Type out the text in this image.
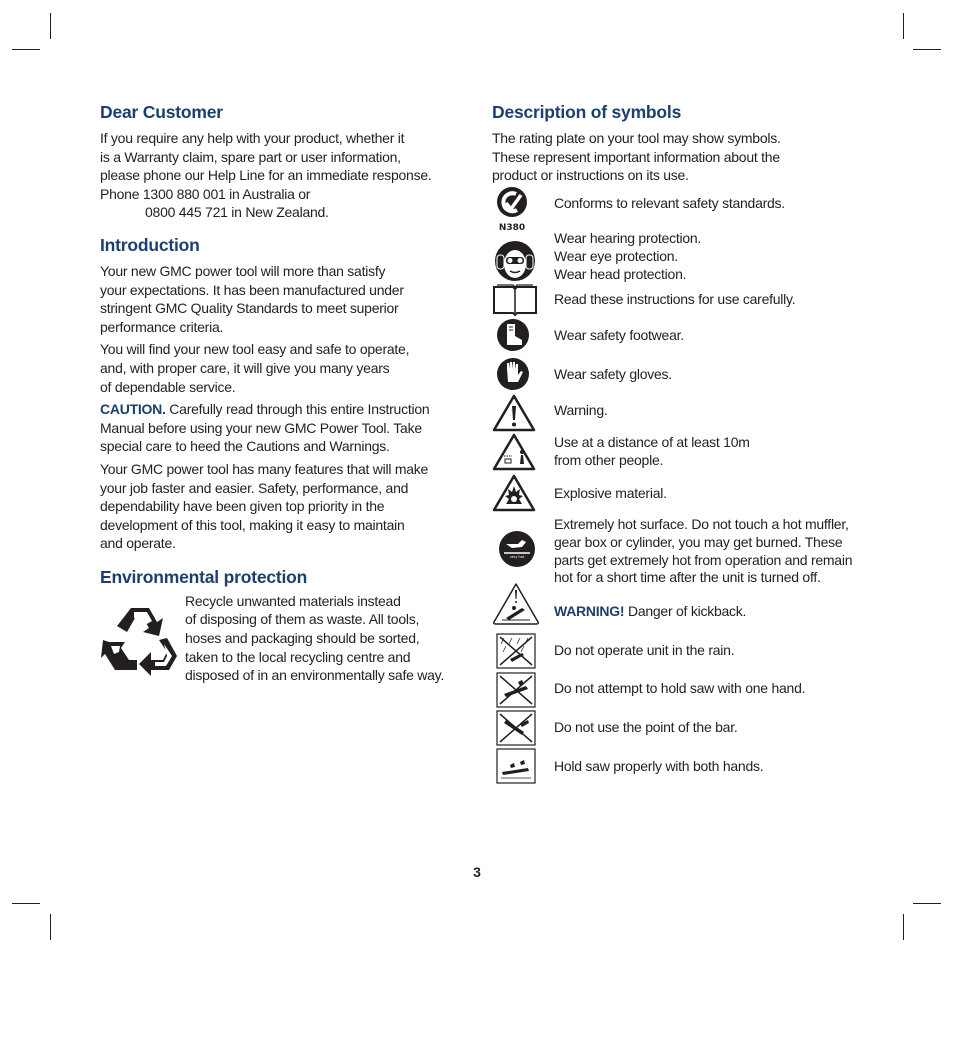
Dear Customer
If you require any help with your product, whether it
is a Warranty claim, spare part or user information,
please phone our Help Line for an immediate response.
Phone 1300 880 001 in Australia or
0800 445 721 in New Zealand.
Introduction
Your new GMC power tool will more than satisfy
your expectations. It has been manufactured under
stringent GMC Quality Standards to meet superior
performance criteria.
You will find your new tool easy and safe to operate,
and, with proper care, it will give you many years
of dependable service.
CAUTION. Carefully read through this entire Instruction
Manual before using your new GMC Power Tool. Take
special care to heed the Cautions and Warnings.
Your GMC power tool has many features that will make
your job faster and easier. Safety, performance, and
dependability have been given top priority in the
development of this tool, making it easy to maintain
and operate.
Environmental protection
Recycle unwanted materials instead
of disposing of them as waste. All tools,
hoses and packaging should be sorted,
taken to the local recycling centre and
disposed of in an environmentally safe way.
Description of symbols
The rating plate on your tool may show symbols.
These represent important information about the
product or instructions on its use.
N380
Conforms to relevant safety standards.
Wear hearing protection.
Wear eye protection.
Wear head protection.
Read these instructions for use carefully.
Wear safety footwear.
Wear safety gloves.
Warning.
Use at a distance of at least 10m
from other people.
Explosive material.
very hot
Extremely hot surface. Do not touch a hot muffler,
gear box or cylinder, you may get burned. These
parts get extremely hot from operation and remain
hot for a short time after the unit is turned off.
WARNING! Danger of kickback.
Do not operate unit in the rain.
Do not attempt to hold saw with one hand.
Do not use the point of the bar.
Hold saw properly with both hands.
3
